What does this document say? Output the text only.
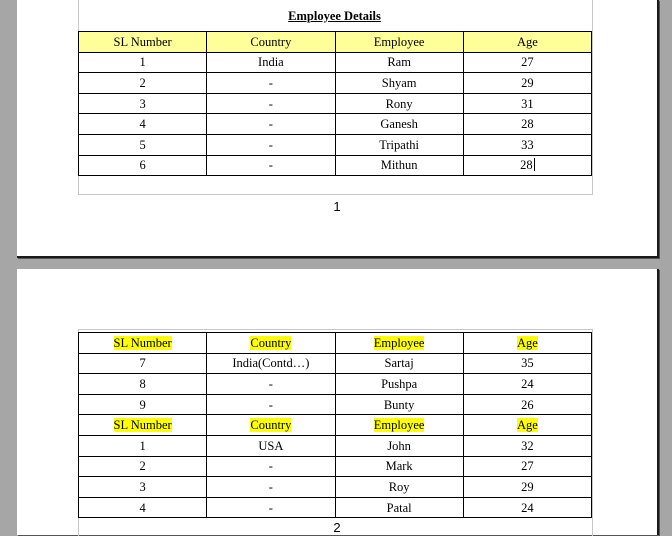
Employee Details
SL Number	Country	Employee	Age
1	India	Ram	27
2	-	Shyam	29
3	-	Rony	31
4	-	Ganesh	28
5	-	Tripathi	33
6	-	Mithun	28
1
SL Number	Country	Employee	Age
7	India(Contd…)	Sartaj	35
8	-	Pushpa	24
9	-	Bunty	26
SL Number	Country	Employee	Age
1	USA	John	32
2	-	Mark	27
3	-	Roy	29
4	-	Patal	24
2
